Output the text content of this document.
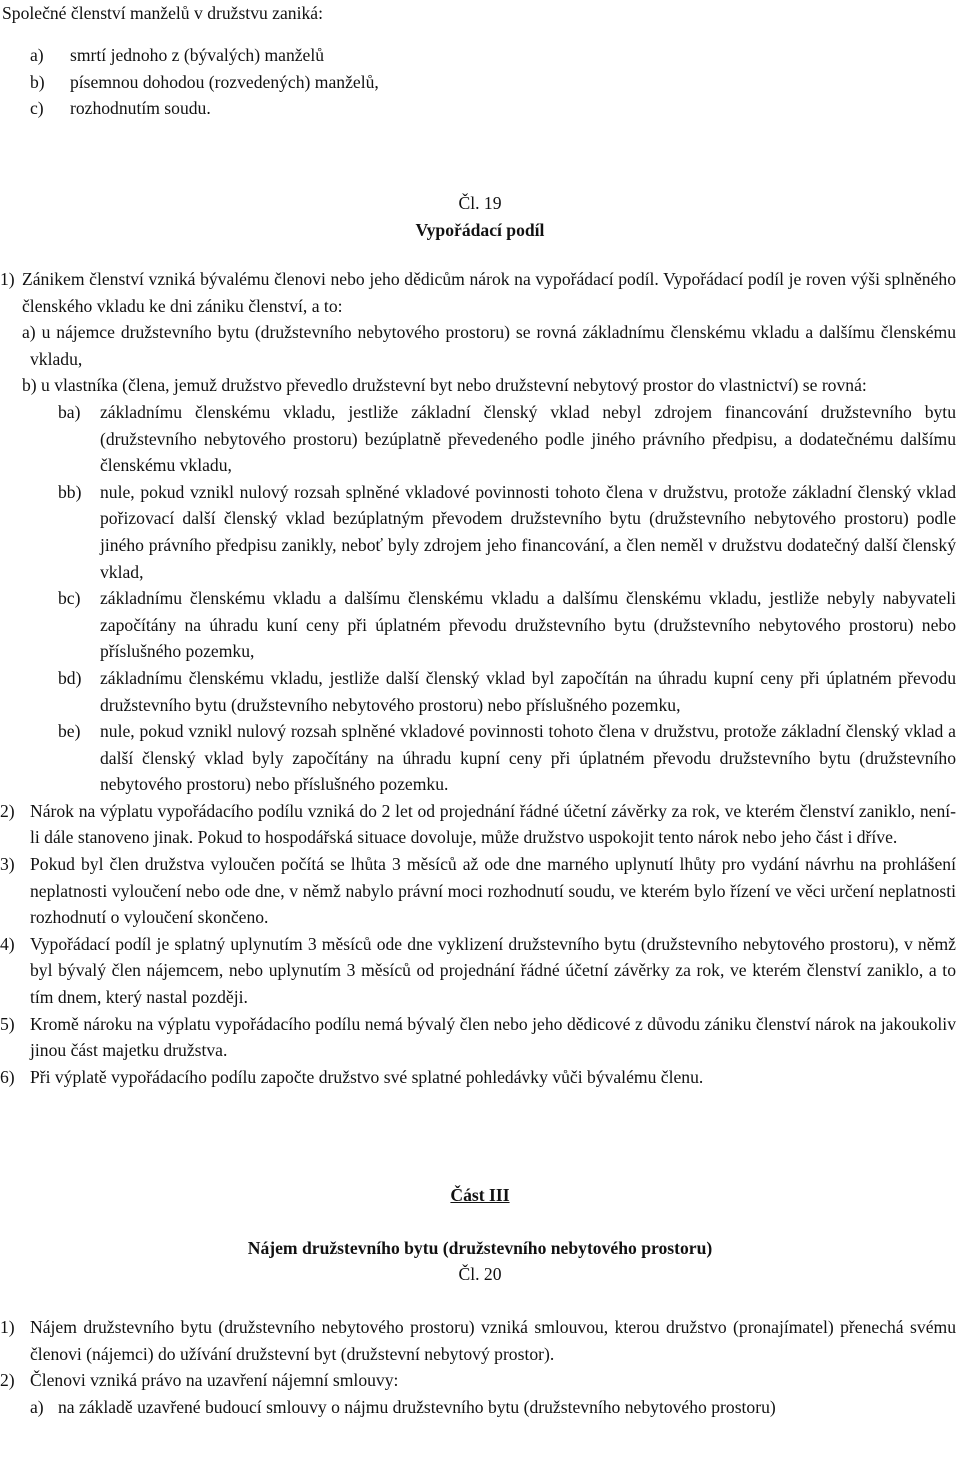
Společné členství manželů v družstvu zaniká:

a)	smrtí jednoho z (bývalých) manželů
b)	písemnou dohodou (rozvedených) manželů,
c)	rozhodnutím soudu.

Čl. 19

Vypořádací podíl

1) Zánikem členství vzniká bývalému členovi nebo jeho dědicům nárok na vypořádací podíl. Vypořádací podíl je roven výši splněného členského vkladu ke dni zániku členství, a to:
a) u nájemce družstevního bytu (družstevního nebytového prostoru) se rovná základnímu členskému vkladu a dalšímu členskému vkladu,
b) u vlastníka (člena, jemuž družstvo převedlo družstevní byt nebo družstevní nebytový prostor do vlastnictví) se rovná:
ba) základnímu členskému vkladu, jestliže základní členský vklad nebyl zdrojem financování družstevního bytu (družstevního nebytového prostoru) bezúplatně převedeného podle jiného právního předpisu, a dodatečnému dalšímu členskému vkladu,
bb) nule, pokud vznikl nulový rozsah splněné vkladové povinnosti tohoto člena v družstvu, protože základní členský vklad pořizovací další členský vklad bezúplatným převodem družstevního bytu (družstevního nebytového prostoru) podle jiného právního předpisu zanikly, neboť byly zdrojem jeho financování, a člen neměl v družstvu dodatečný další členský vklad,
bc) základnímu členskému vkladu a dalšímu členskému vkladu a dalšímu členskému vkladu, jestliže nebyly nabyvateli započítány na úhradu kuní ceny při úplatném převodu družstevního bytu (družstevního nebytového prostoru) nebo příslušného pozemku,
bd) základnímu členskému vkladu, jestliže další členský vklad byl započítán na úhradu kupní ceny při úplatném převodu družstevního bytu (družstevního nebytového prostoru) nebo příslušného pozemku,
be) nule, pokud vznikl nulový rozsah splněné vkladové povinnosti tohoto člena v družstvu, protože základní členský vklad a další členský vklad byly započítány na úhradu kupní ceny při úplatném převodu družstevního bytu (družstevního nebytového prostoru) nebo příslušného pozemku.
2) Nárok na výplatu vypořádacího podílu vzniká do 2 let od projednání řádné účetní závěrky za rok, ve kterém členství zaniklo, není-li dále stanoveno jinak. Pokud to hospodářská situace dovoluje, může družstvo uspokojit tento nárok nebo jeho část i dříve.
3) Pokud byl člen družstva vyloučen počítá se lhůta 3 měsíců až ode dne marného uplynutí lhůty pro vydání návrhu na prohlášení neplatnosti vyloučení nebo ode dne, v němž nabylo právní moci rozhodnutí soudu, ve kterém bylo řízení ve věci určení neplatnosti rozhodnutí o vyloučení skončeno.
4) Vypořádací podíl je splatný uplynutím 3 měsíců ode dne vyklizení družstevního bytu (družstevního nebytového prostoru), v němž byl bývalý člen nájemcem, nebo uplynutím 3 měsíců od projednání řádné účetní závěrky za rok, ve kterém členství zaniklo, a to tím dnem, který nastal později.
5) Kromě nároku na výplatu vypořádacího podílu nemá bývalý člen nebo jeho dědicové z důvodu zániku členství nárok na jakoukoliv jinou část majetku družstva.
6) Při výplatě vypořádacího podílu započte družstvo své splatné pohledávky vůči bývalému členu.

Část III

Nájem družstevního bytu (družstevního nebytového prostoru)

Čl. 20

1) Nájem družstevního bytu (družstevního nebytového prostoru) vzniká smlouvou, kterou družstvo (pronajímatel) přenechá svému členovi (nájemci) do užívání družstevní byt (družstevní nebytový prostor).
2) Členovi vzniká právo na uzavření nájemní smlouvy:
a) na základě uzavřené budoucí smlouvy o nájmu družstevního bytu (družstevního nebytového prostoru)
